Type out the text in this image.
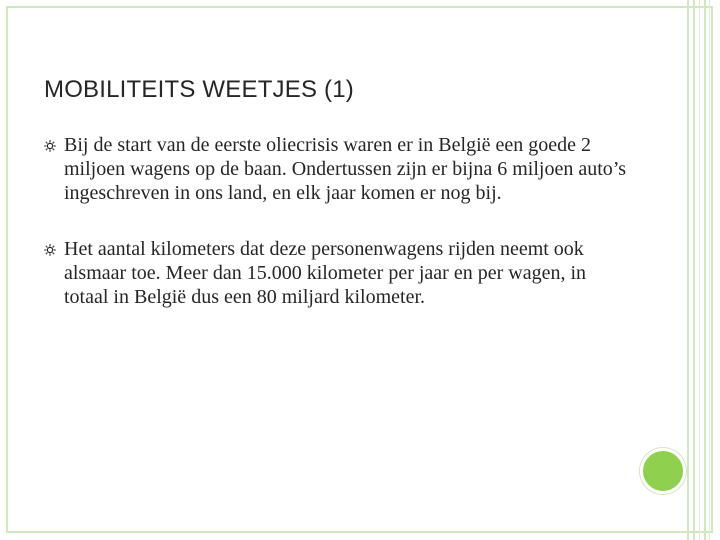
MOBILITEITS WEETJES (1)
Bij de start van de eerste oliecrisis waren er in België een goede 2 miljoen wagens op de baan. Ondertussen zijn er bijna 6 miljoen auto’s ingeschreven in ons land, en elk jaar komen er nog bij.
Het aantal kilometers dat deze personenwagens rijden neemt ook alsmaar toe. Meer dan 15.000 kilometer per jaar en per wagen, in totaal in België dus een 80 miljard kilometer.
